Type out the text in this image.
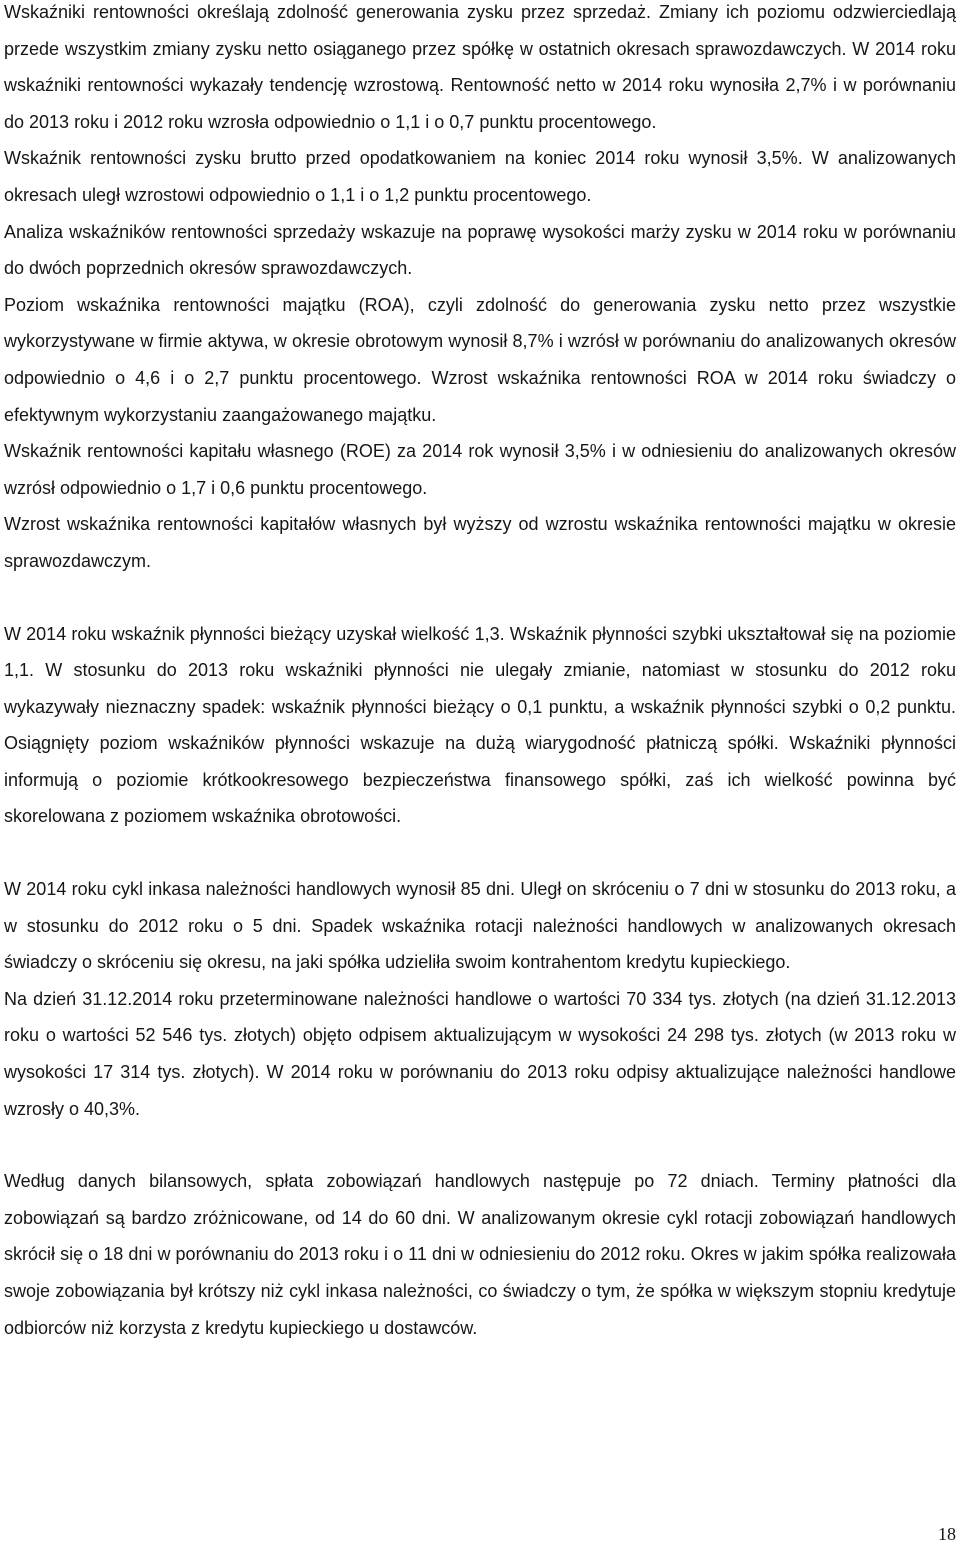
Wskaźniki rentowności określają zdolność generowania zysku przez sprzedaż. Zmiany ich poziomu odzwierciedlają przede wszystkim zmiany zysku netto osiąganego przez spółkę w ostatnich okresach sprawozdawczych. W 2014 roku wskaźniki rentowności wykazały tendencję wzrostową. Rentowność netto w 2014 roku wynosiła 2,7% i w porównaniu do 2013 roku i 2012 roku wzrosła odpowiednio o 1,1 i o 0,7 punktu procentowego.

Wskaźnik rentowności zysku brutto przed opodatkowaniem na koniec 2014 roku wynosił 3,5%. W analizowanych okresach uległ wzrostowi odpowiednio o 1,1 i o 1,2 punktu procentowego.

Analiza wskaźników rentowności sprzedaży wskazuje na poprawę wysokości marży zysku w 2014 roku w porównaniu do dwóch poprzednich okresów sprawozdawczych.

Poziom wskaźnika rentowności majątku (ROA), czyli zdolność do generowania zysku netto przez wszystkie wykorzystywane w firmie aktywa, w okresie obrotowym wynosił 8,7% i wzrósł w porównaniu do analizowanych okresów odpowiednio o 4,6 i o 2,7 punktu procentowego. Wzrost wskaźnika rentowności ROA w 2014 roku świadczy o efektywnym wykorzystaniu zaangażowanego majątku.

Wskaźnik rentowności kapitału własnego (ROE) za 2014 rok wynosił 3,5% i w odniesieniu do analizowanych okresów wzrósł odpowiednio o 1,7 i 0,6 punktu procentowego.

Wzrost wskaźnika rentowności kapitałów własnych był wyższy od wzrostu wskaźnika rentowności majątku w okresie sprawozdawczym.

W 2014 roku wskaźnik płynności bieżący uzyskał wielkość 1,3. Wskaźnik płynności szybki ukształtował się na poziomie 1,1. W stosunku do 2013 roku wskaźniki płynności nie ulegały zmianie, natomiast w stosunku do 2012 roku wykazywały nieznaczny spadek: wskaźnik płynności bieżący o 0,1 punktu, a wskaźnik płynności szybki o 0,2 punktu. Osiągnięty poziom wskaźników płynności wskazuje na dużą wiarygodność płatniczą spółki. Wskaźniki płynności informują o poziomie krótkookresowego bezpieczeństwa finansowego spółki, zaś ich wielkość powinna być skorelowana z poziomem wskaźnika obrotowości.

W 2014 roku cykl inkasa należności handlowych wynosił 85 dni. Uległ on skróceniu o 7 dni w stosunku do 2013 roku, a w stosunku do 2012 roku o 5 dni. Spadek wskaźnika rotacji należności handlowych w analizowanych okresach świadczy o skróceniu się okresu, na jaki spółka udzieliła swoim kontrahentom kredytu kupieckiego.

Na dzień 31.12.2014 roku przeterminowane należności handlowe o wartości 70 334 tys. złotych (na dzień 31.12.2013 roku o wartości 52 546 tys. złotych) objęto odpisem aktualizującym w wysokości 24 298 tys. złotych (w 2013 roku w wysokości 17 314 tys. złotych). W 2014 roku w porównaniu do 2013 roku odpisy aktualizujące należności handlowe wzrosły o 40,3%.

Według danych bilansowych, spłata zobowiązań handlowych następuje po 72 dniach. Terminy płatności dla zobowiązań są bardzo zróżnicowane, od 14 do 60 dni. W analizowanym okresie cykl rotacji zobowiązań handlowych skrócił się o 18 dni w porównaniu do 2013 roku i o 11 dni w odniesieniu do 2012 roku. Okres w jakim spółka realizowała swoje zobowiązania był krótszy niż cykl inkasa należności, co świadczy o tym, że spółka w większym stopniu kredytuje odbiorców niż korzysta z kredytu kupieckiego u dostawców.

18
